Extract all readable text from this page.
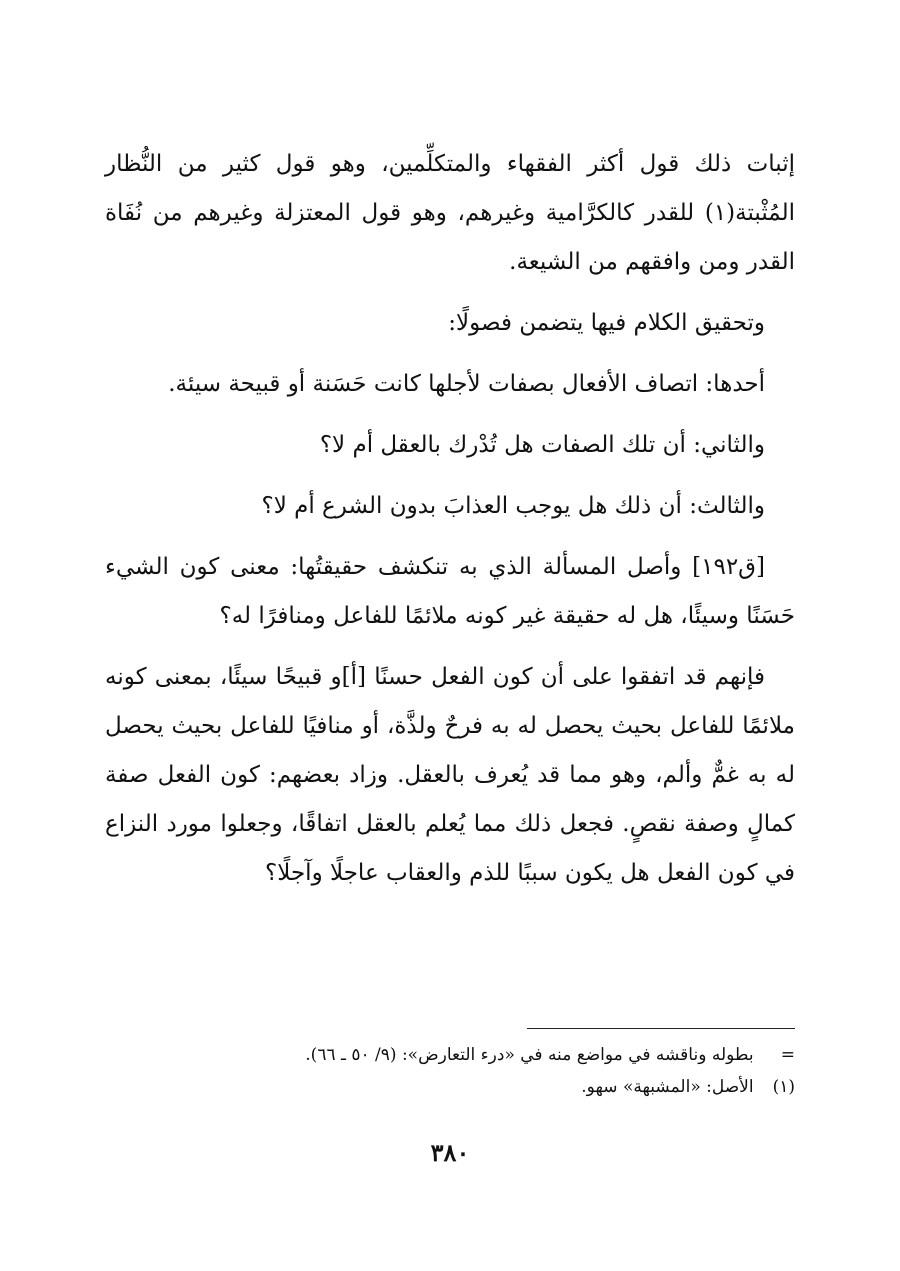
إثبات ذلك قول أكثر الفقهاء والمتكلِّمين، وهو قول كثير من النُّظار المُثْبتة(١) للقدر كالكرَّامية وغيرهم، وهو قول المعتزلة وغيرهم من نُفَاة القدر ومن وافقهم من الشيعة.

وتحقيق الكلام فيها يتضمن فصولًا:

أحدها: اتصاف الأفعال بصفات لأجلها كانت حَسَنة أو قبيحة سيئة.

والثاني: أن تلك الصفات هل تُدْرك بالعقل أم لا؟

والثالث: أن ذلك هل يوجب العذابَ بدون الشرع أم لا؟

[ق١٩٢] وأصل المسألة الذي به تنكشف حقيقتُها: معنى كون الشيء حَسَنًا وسيئًا، هل له حقيقة غير كونه ملائمًا للفاعل ومنافرًا له؟

فإنهم قد اتفقوا على أن كون الفعل حسنًا [أ]و قبيحًا سيئًا، بمعنى كونه ملائمًا للفاعل بحيث يحصل له به فرحٌ ولذَّة، أو منافيًا للفاعل بحيث يحصل له به غمٌّ وألم، وهو مما قد يُعرف بالعقل. وزاد بعضهم: كون الفعل صفة كمالٍ وصفة نقصٍ. فجعل ذلك مما يُعلم بالعقل اتفاقًا، وجعلوا مورد النزاع في كون الفعل هل يكون سببًا للذم والعقاب عاجلًا وآجلًا؟

= بطوله وناقشه في مواضع منه في «درء التعارض»: (٩/ ٥٠ ـ ٦٦).

(١) الأصل: «المشبهة» سهو.

٣٨٠
